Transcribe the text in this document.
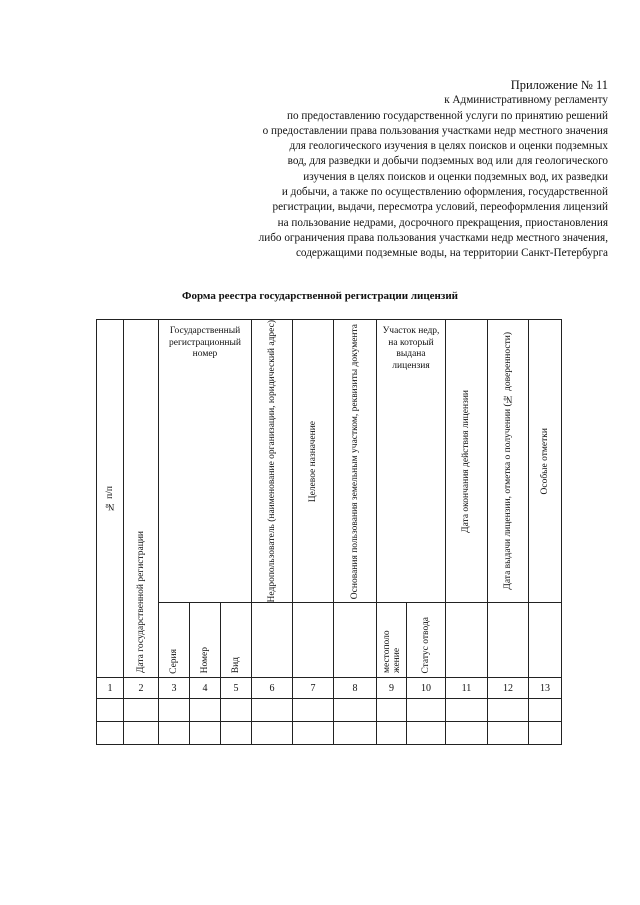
Приложение № 11
к Административному регламенту
по предоставлению государственной услуги по принятию решений
о предоставлении права пользования участками недр местного значения
для геологического изучения в целях поисков и оценки подземных
вод, для разведки и добычи подземных вод или для геологического
изучения в целях поисков и оценки подземных вод, их разведки
и добычи, а также по осуществлению оформления, государственной
регистрации, выдачи, пересмотра условий, переоформления лицензий
на пользование недрами, досрочного прекращения, приостановления
либо ограничения права пользования участками недр местного значения,
содержащими подземные воды, на территории Санкт-Петербурга
Форма реестра государственной регистрации лицензий
№ п/п	Дата государственной регистрации	Государственный регистрационный номер			Недропользователь (наименование организации, юридический адрес)	Целевое назначение	Основания пользования земельным участком, реквизиты документа	Участок недр, на который выдана лицензия		Дата окончания действия лицензии	Дата выдачи лицензии, отметка о получении (№ доверенности)	Особые отметки

		Серия	Номер	Вид				местополо жение	Статус отвода			

1	2	3	4	5	6	7	8	9	10	11	12	13
